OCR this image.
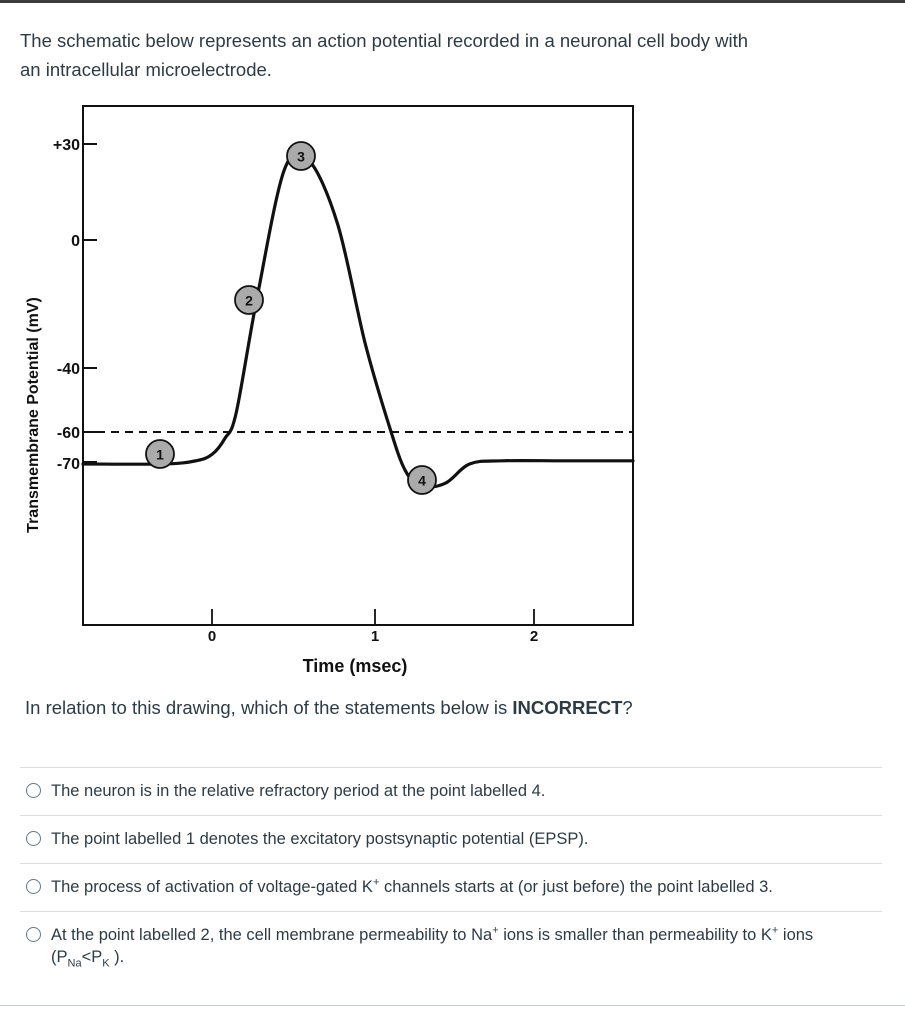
The schematic below represents an action potential recorded in a neuronal cell body with
an intracellular microelectrode.
Transmembrane Potential (mV)
+30
0
-40
-60
-70
0	1	2
Time (msec)
1
2
3
4
In relation to this drawing, which of the statements below is INCORRECT?
The neuron is in the relative refractory period at the point labelled 4.
The point labelled 1 denotes the excitatory postsynaptic potential (EPSP).
The process of activation of voltage-gated K+ channels starts at (or just before) the point labelled 3.
At the point labelled 2, the cell membrane permeability to Na+ ions is smaller than permeability to K+ ions
($P_{Na}<P_K$ ).
